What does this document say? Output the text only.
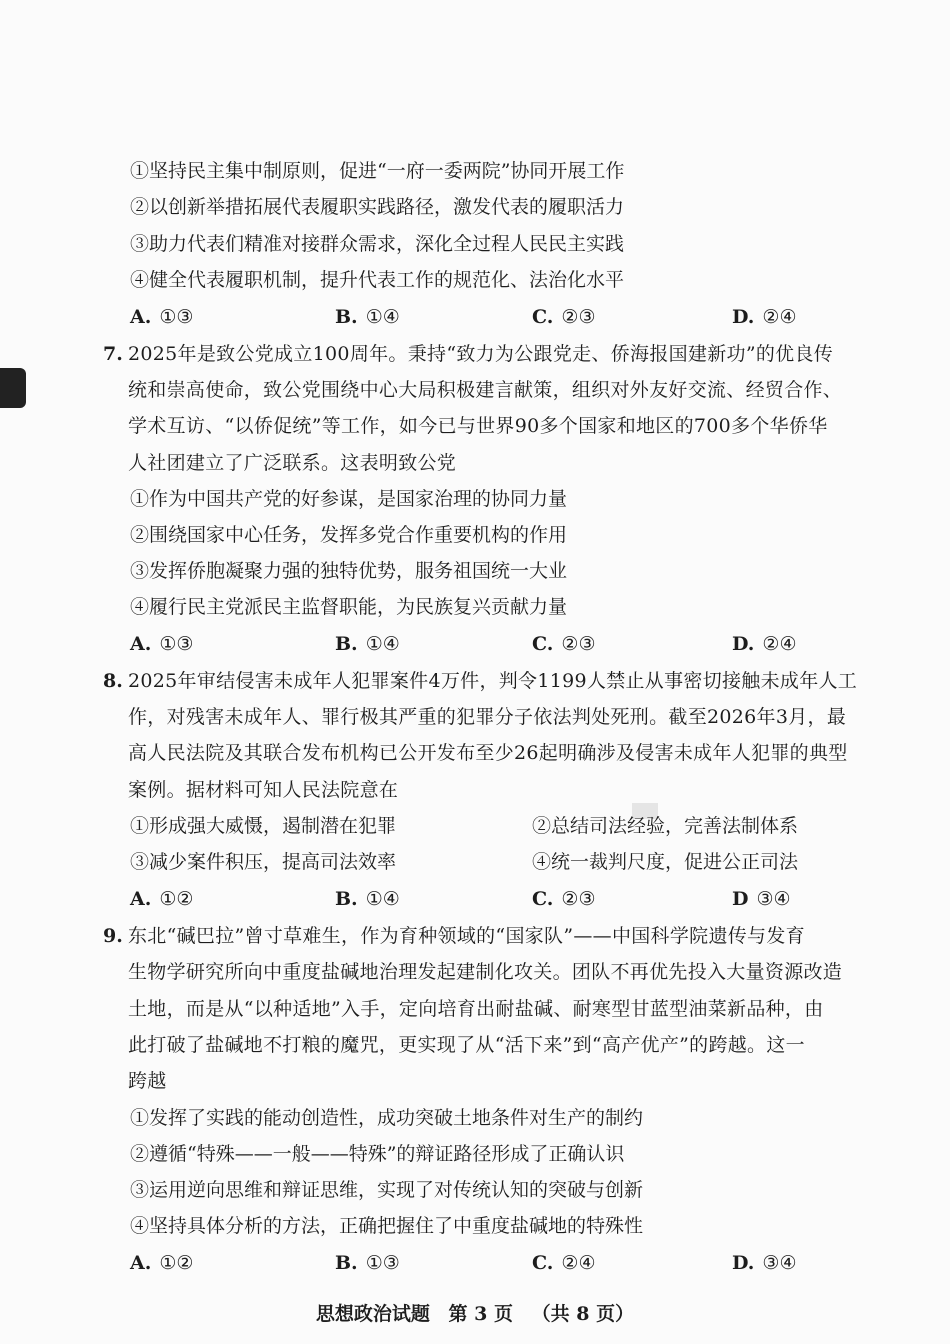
①坚持民主集中制原则，促进“一府一委两院”协同开展工作
②以创新举措拓展代表履职实践路径，激发代表的履职活力
③助力代表们精准对接群众需求，深化全过程人民民主实践
④健全代表履职机制，提升代表工作的规范化、法治化水平
A. ①③	B. ①④	C. ②③	D. ②④
7. 2025年是致公党成立100周年。秉持“致力为公跟党走、侨海报国建新功”的优良传
统和崇高使命，致公党围绕中心大局积极建言献策，组织对外友好交流、经贸合作、
学术互访、“以侨促统”等工作，如今已与世界90多个国家和地区的700多个华侨华
人社团建立了广泛联系。这表明致公党
①作为中国共产党的好参谋，是国家治理的协同力量
②围绕国家中心任务，发挥多党合作重要机构的作用
③发挥侨胞凝聚力强的独特优势，服务祖国统一大业
④履行民主党派民主监督职能，为民族复兴贡献力量
A. ①③	B. ①④	C. ②③	D. ②④
8. 2025年审结侵害未成年人犯罪案件4万件，判令1199人禁止从事密切接触未成年人工
作，对残害未成年人、罪行极其严重的犯罪分子依法判处死刑。截至2026年3月，最
高人民法院及其联合发布机构已公开发布至少26起明确涉及侵害未成年人犯罪的典型
案例。据材料可知人民法院意在
①形成强大威慑，遏制潜在犯罪	②总结司法经验，完善法制体系
③减少案件积压，提高司法效率	④统一裁判尺度，促进公正司法
A. ①②	B. ①④	C. ②③	D ③④
9. 东北“碱巴拉”曾寸草难生，作为育种领域的“国家队”——中国科学院遗传与发育
生物学研究所向中重度盐碱地治理发起建制化攻关。团队不再优先投入大量资源改造
土地，而是从“以种适地”入手，定向培育出耐盐碱、耐寒型甘蓝型油菜新品种，由
此打破了盐碱地不打粮的魔咒，更实现了从“活下来”到“高产优产”的跨越。这一
跨越
①发挥了实践的能动创造性，成功突破土地条件对生产的制约
②遵循“特殊——一般——特殊”的辩证路径形成了正确认识
③运用逆向思维和辩证思维，实现了对传统认知的突破与创新
④坚持具体分析的方法，正确把握住了中重度盐碱地的特殊性
A. ①②	B. ①③	C. ②④	D. ③④
思想政治试题 第 3 页 （共 8 页）
